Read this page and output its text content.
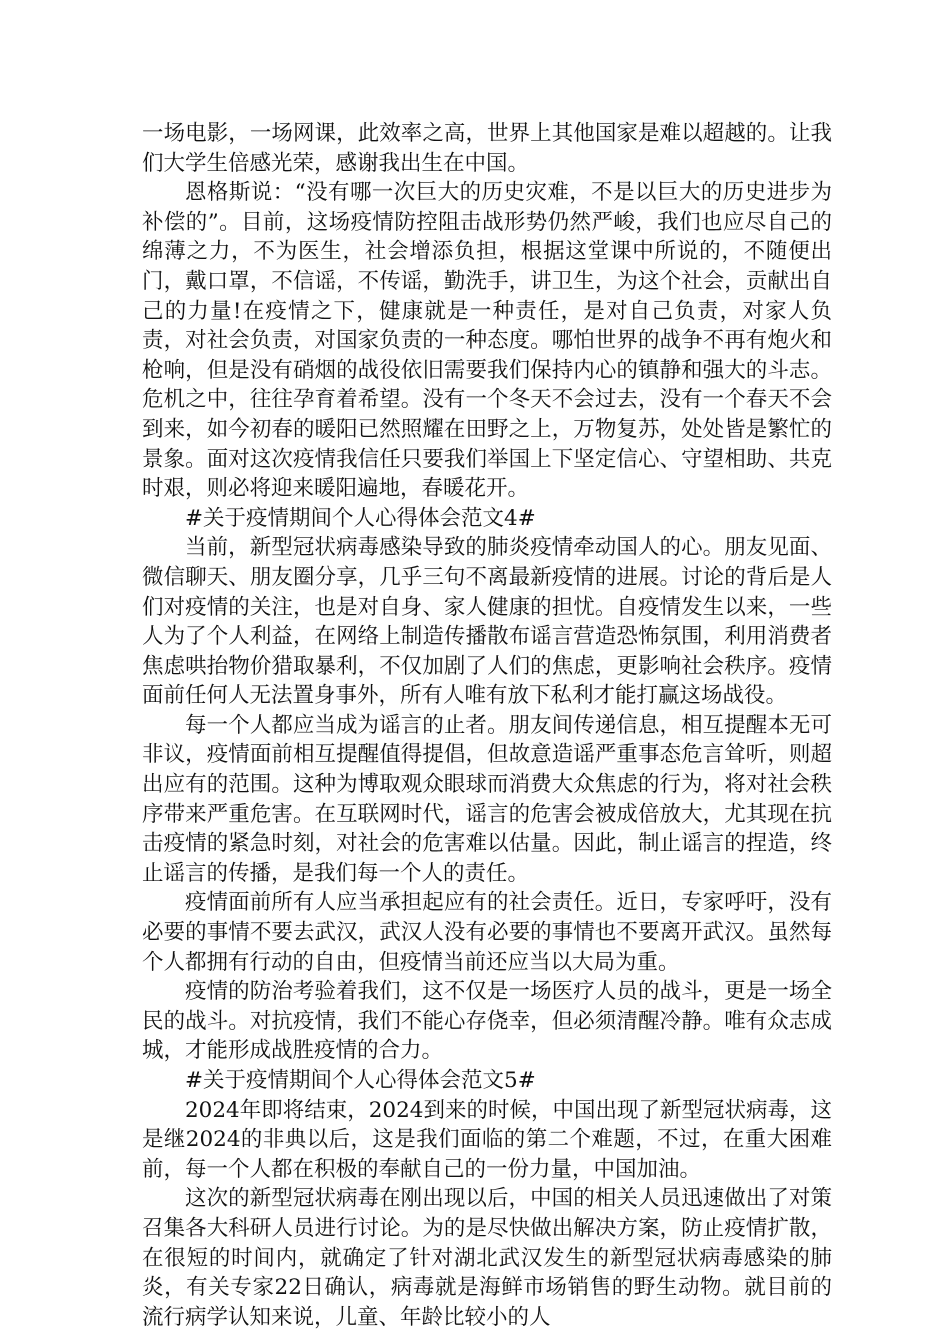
一场电影，一场网课，此效率之高，世界上其他国家是难以超越的。让我们大学生倍感光荣，感谢我出生在中国。

恩格斯说：“没有哪一次巨大的历史灾难，不是以巨大的历史进步为补偿的”。目前，这场疫情防控阻击战形势仍然严峻，我们也应尽自己的绵薄之力，不为医生，社会增添负担，根据这堂课中所说的，不随便出门，戴口罩，不信谣，不传谣，勤洗手，讲卫生，为这个社会，贡献出自己的力量!在疫情之下，健康就是一种责任，是对自己负责，对家人负责，对社会负责，对国家负责的一种态度。哪怕世界的战争不再有炮火和枪响，但是没有硝烟的战役依旧需要我们保持内心的镇静和强大的斗志。危机之中，往往孕育着希望。没有一个冬天不会过去，没有一个春天不会到来，如今初春的暖阳已然照耀在田野之上，万物复苏，处处皆是繁忙的景象。面对这次疫情我信任只要我们举国上下坚定信心、守望相助、共克时艰，则必将迎来暖阳遍地，春暖花开。

#关于疫情期间个人心得体会范文4#

当前，新型冠状病毒感染导致的肺炎疫情牵动国人的心。朋友见面、微信聊天、朋友圈分享，几乎三句不离最新疫情的进展。讨论的背后是人们对疫情的关注，也是对自身、家人健康的担忧。自疫情发生以来，一些人为了个人利益，在网络上制造传播散布谣言营造恐怖氛围，利用消费者焦虑哄抬物价猎取暴利，不仅加剧了人们的焦虑，更影响社会秩序。疫情面前任何人无法置身事外，所有人唯有放下私利才能打赢这场战役。

每一个人都应当成为谣言的止者。朋友间传递信息，相互提醒本无可非议，疫情面前相互提醒值得提倡，但故意造谣严重事态危言耸听，则超出应有的范围。这种为博取观众眼球而消费大众焦虑的行为，将对社会秩序带来严重危害。在互联网时代，谣言的危害会被成倍放大，尤其现在抗击疫情的紧急时刻，对社会的危害难以估量。因此，制止谣言的捏造，终止谣言的传播，是我们每一个人的责任。

疫情面前所有人应当承担起应有的社会责任。近日，专家呼吁，没有必要的事情不要去武汉，武汉人没有必要的事情也不要离开武汉。虽然每个人都拥有行动的自由，但疫情当前还应当以大局为重。

疫情的防治考验着我们，这不仅是一场医疗人员的战斗，更是一场全民的战斗。对抗疫情，我们不能心存侥幸，但必须清醒冷静。唯有众志成城，才能形成战胜疫情的合力。

#关于疫情期间个人心得体会范文5#

2024年即将结束，2024到来的时候，中国出现了新型冠状病毒，这是继2024的非典以后，这是我们面临的第二个难题，不过，在重大困难前，每一个人都在积极的奉献自己的一份力量，中国加油。

这次的新型冠状病毒在刚出现以后，中国的相关人员迅速做出了对策召集各大科研人员进行讨论。为的是尽快做出解决方案，防止疫情扩散，在很短的时间内，就确定了针对湖北武汉发生的新型冠状病毒感染的肺炎，有关专家22日确认，病毒就是海鲜市场销售的野生动物。就目前的流行病学认知来说，儿童、年龄比较小的人
